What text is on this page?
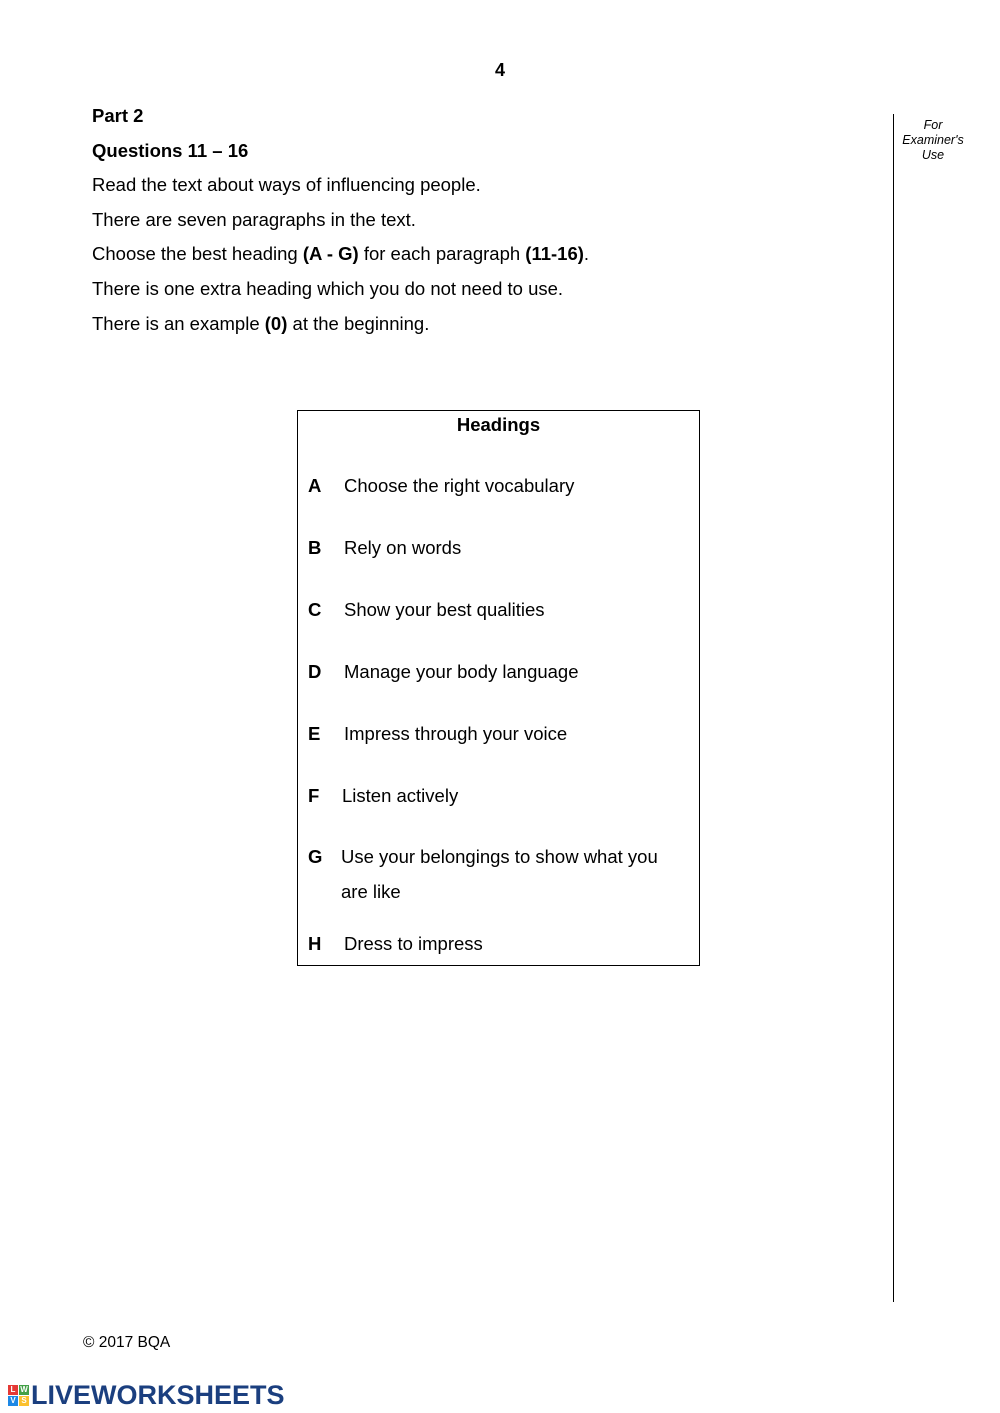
4
For Examiner's Use
Part 2
Questions 11 – 16
Read the text about ways of influencing people.
There are seven paragraphs in the text.
Choose the best heading (A - G) for each paragraph (11-16).
There is one extra heading which you do not need to use.
There is an example (0) at the beginning.
Headings
A Choose the right vocabulary
B Rely on words
C Show your best qualities
D Manage your body language
E Impress through your voice
F Listen actively
G Use your belongings to show what you are like
H Dress to impress
© 2017 BQA
L W
V S LIVEWORKSHEETS
